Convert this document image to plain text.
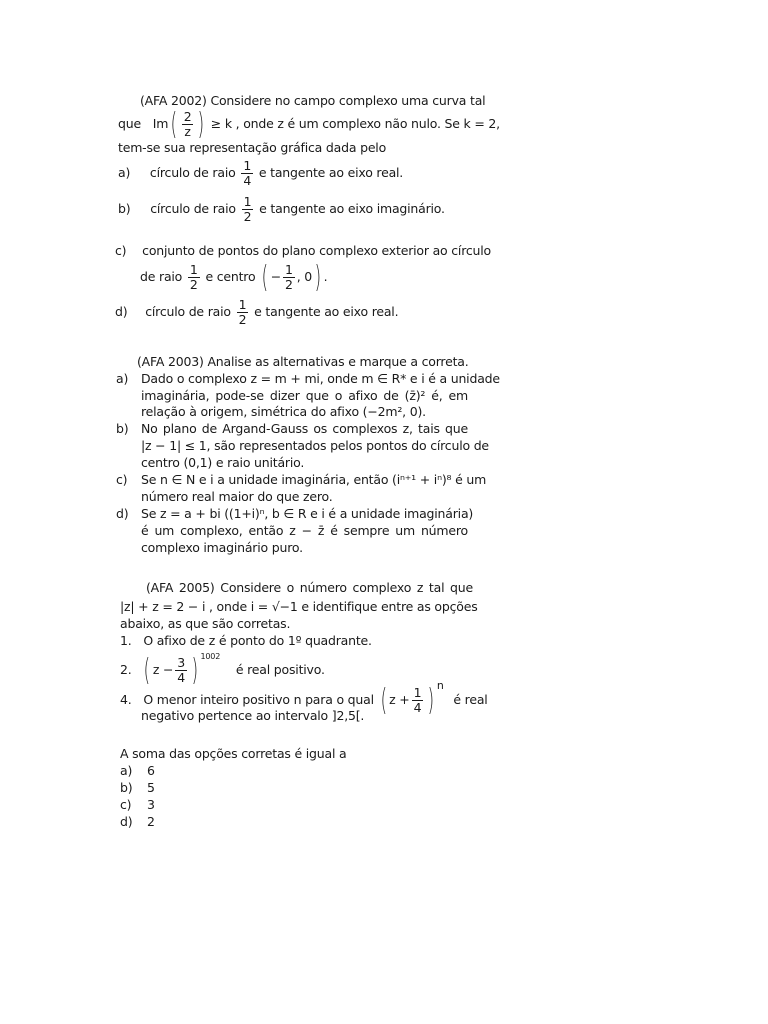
(AFA 2002) Considere no campo complexo uma curva tal
que $Im( \frac{2}{z}$ ) ≥ k , onde z é um complexo não nulo. Se k = 2,
tem-se sua representação gráfica dada pelo
a) círculo de raio $\frac{1}{4}$ e tangente ao eixo real.
b) círculo de raio $\frac{1}{2}$ e tangente ao eixo imaginário.
c) conjunto de pontos do plano complexo exterior ao círculo
de raio $\frac{1}{2}$ e centro ( − $\frac{1}{2}$ , 0) .
d) círculo de raio $\frac{1}{2}$ e tangente ao eixo real.
(AFA 2003) Analise as alternativas e marque a correta.
a) Dado o complexo z = m + mi, onde m ∈ R* e i é a unidade
imaginária, pode-se dizer que o afixo de (z̄)² é, em
relação à origem, simétrica do afixo (−2m², 0).
b) No plano de Argand-Gauss os complexos z, tais que
|z − 1| ≤ 1, são representados pelos pontos do círculo de
centro (0,1) e raio unitário.
c) Se n ∈ N e i a unidade imaginária, então (iⁿ⁺¹ + iⁿ)⁸ é um
número real maior do que zero.
d) Se z = a + bi ((1+i)ⁿ, b ∈ R e i é a unidade imaginária)
é um complexo, então z − z̄ é sempre um número
complexo imaginário puro.
(AFA 2005) Considere o número complexo z tal que
|z| + z = 2 − i , onde i = √−1 e identifique entre as opções
abaixo, as que são corretas.
1. O afixo de z é ponto do 1º quadrante.
2. ( $z - \frac{3}{4}$ ) $^{1002}$ é real positivo.
4. O menor inteiro positivo n para o qual ( $z + \frac{1}{4}$ ) $^n$ é real
negativo pertence ao intervalo ]2,5[.
A soma das opções corretas é igual a
a) 6
b) 5
c) 3
d) 2
